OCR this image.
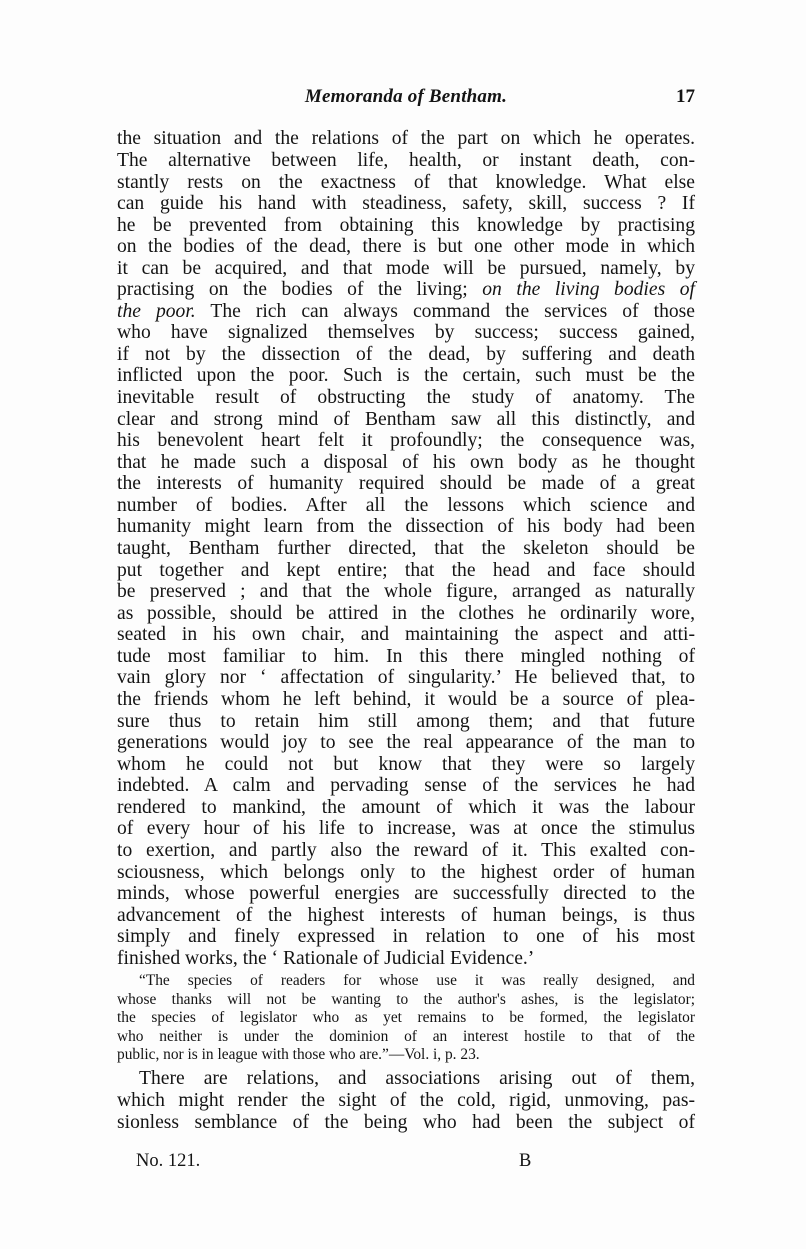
Memoranda of Bentham.	17
the situation and the relations of the part on which he operates.
The alternative between life, health, or instant death, con-
stantly rests on the exactness of that knowledge. What else
can guide his hand with steadiness, safety, skill, success ? If
he be prevented from obtaining this knowledge by practising
on the bodies of the dead, there is but one other mode in which
it can be acquired, and that mode will be pursued, namely, by
practising on the bodies of the living; on the living bodies of
the poor. The rich can always command the services of those
who have signalized themselves by success; success gained,
if not by the dissection of the dead, by suffering and death
inflicted upon the poor. Such is the certain, such must be the
inevitable result of obstructing the study of anatomy. The
clear and strong mind of Bentham saw all this distinctly, and
his benevolent heart felt it profoundly; the consequence was,
that he made such a disposal of his own body as he thought
the interests of humanity required should be made of a great
number of bodies. After all the lessons which science and
humanity might learn from the dissection of his body had been
taught, Bentham further directed, that the skeleton should be
put together and kept entire; that the head and face should
be preserved ; and that the whole figure, arranged as naturally
as possible, should be attired in the clothes he ordinarily wore,
seated in his own chair, and maintaining the aspect and atti-
tude most familiar to him. In this there mingled nothing of
vain glory nor ‘ affectation of singularity.’ He believed that, to
the friends whom he left behind, it would be a source of plea-
sure thus to retain him still among them; and that future
generations would joy to see the real appearance of the man to
whom he could not but know that they were so largely
indebted. A calm and pervading sense of the services he had
rendered to mankind, the amount of which it was the labour
of every hour of his life to increase, was at once the stimulus
to exertion, and partly also the reward of it. This exalted con-
sciousness, which belongs only to the highest order of human
minds, whose powerful energies are successfully directed to the
advancement of the highest interests of human beings, is thus
simply and finely expressed in relation to one of his most
finished works, the ‘ Rationale of Judicial Evidence.’
“The species of readers for whose use it was really designed, and
whose thanks will not be wanting to the author's ashes, is the legislator;
the species of legislator who as yet remains to be formed, the legislator
who neither is under the dominion of an interest hostile to that of the
public, nor is in league with those who are.”—Vol. i, p. 23.
There are relations, and associations arising out of them,
which might render the sight of the cold, rigid, unmoving, pas-
sionless semblance of the being who had been the subject of
No. 121.	B
